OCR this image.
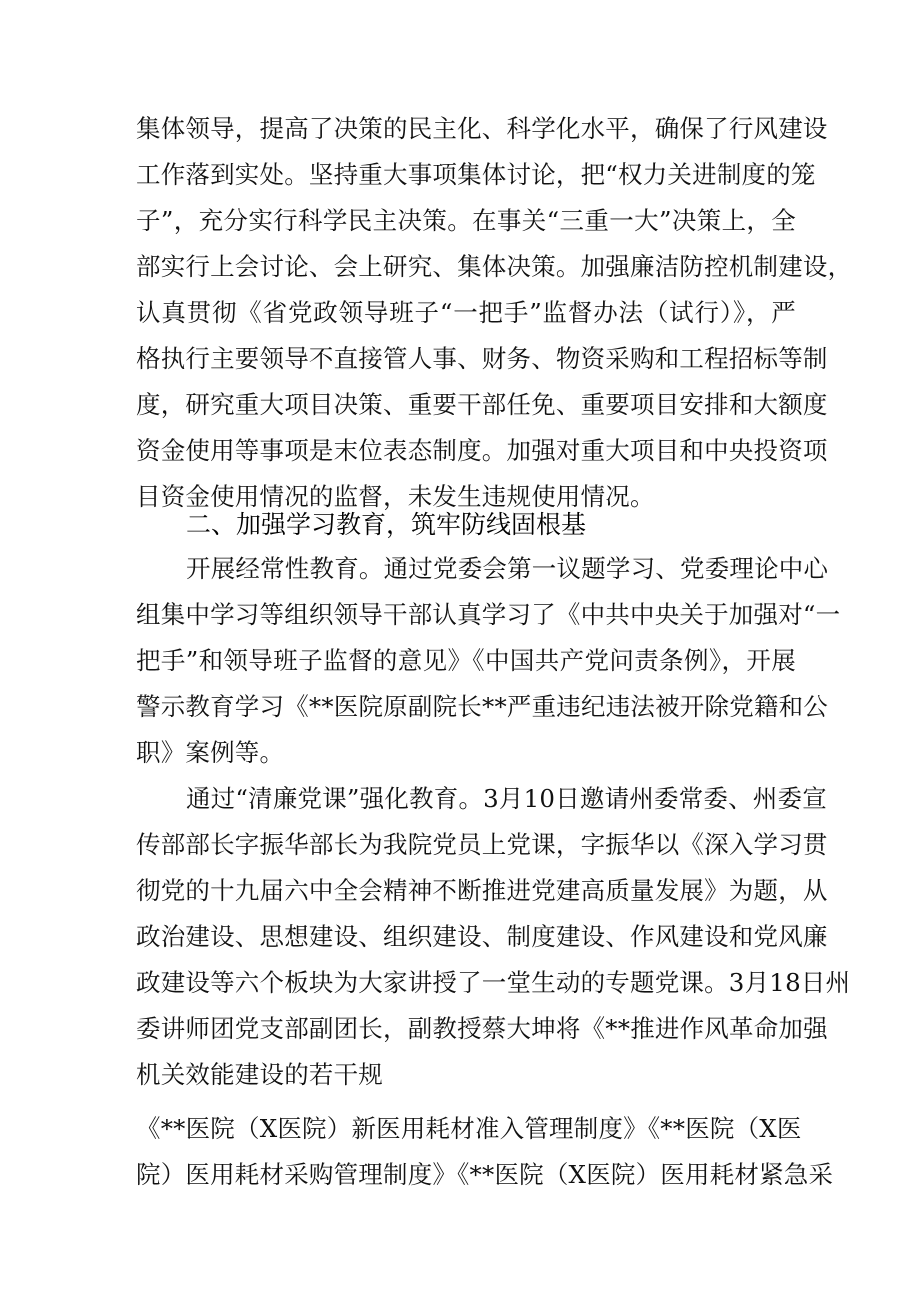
集体领导，提高了决策的民主化、科学化水平，确保了行风建设
工作落到实处。坚持重大事项集体讨论，把“权力关进制度的笼
子”，充分实行科学民主决策。在事关“三重一大”决策上，全
部实行上会讨论、会上研究、集体决策。加强廉洁防控机制建设，
认真贯彻《省党政领导班子“一把手”监督办法（试行）》，严
格执行主要领导不直接管人事、财务、物资采购和工程招标等制
度，研究重大项目决策、重要干部任免、重要项目安排和大额度
资金使用等事项是末位表态制度。加强对重大项目和中央投资项
目资金使用情况的监督，未发生违规使用情况。
二、加强学习教育，筑牢防线固根基
开展经常性教育。通过党委会第一议题学习、党委理论中心
组集中学习等组织领导干部认真学习了《中共中央关于加强对“一
把手”和领导班子监督的意见》《中国共产党问责条例》，开展
警示教育学习《**医院原副院长**严重违纪违法被开除党籍和公
职》案例等。
通过“清廉党课”强化教育。3月10日邀请州委常委、州委宣
传部部长字振华部长为我院党员上党课，字振华以《深入学习贯
彻党的十九届六中全会精神不断推进党建高质量发展》为题，从
政治建设、思想建设、组织建设、制度建设、作风建设和党风廉
政建设等六个板块为大家讲授了一堂生动的专题党课。3月18日州
委讲师团党支部副团长，副教授蔡大坤将《**推进作风革命加强
机关效能建设的若干规
《**医院（X医院）新医用耗材准入管理制度》《**医院（X医
院）医用耗材采购管理制度》《**医院（X医院）医用耗材紧急采
